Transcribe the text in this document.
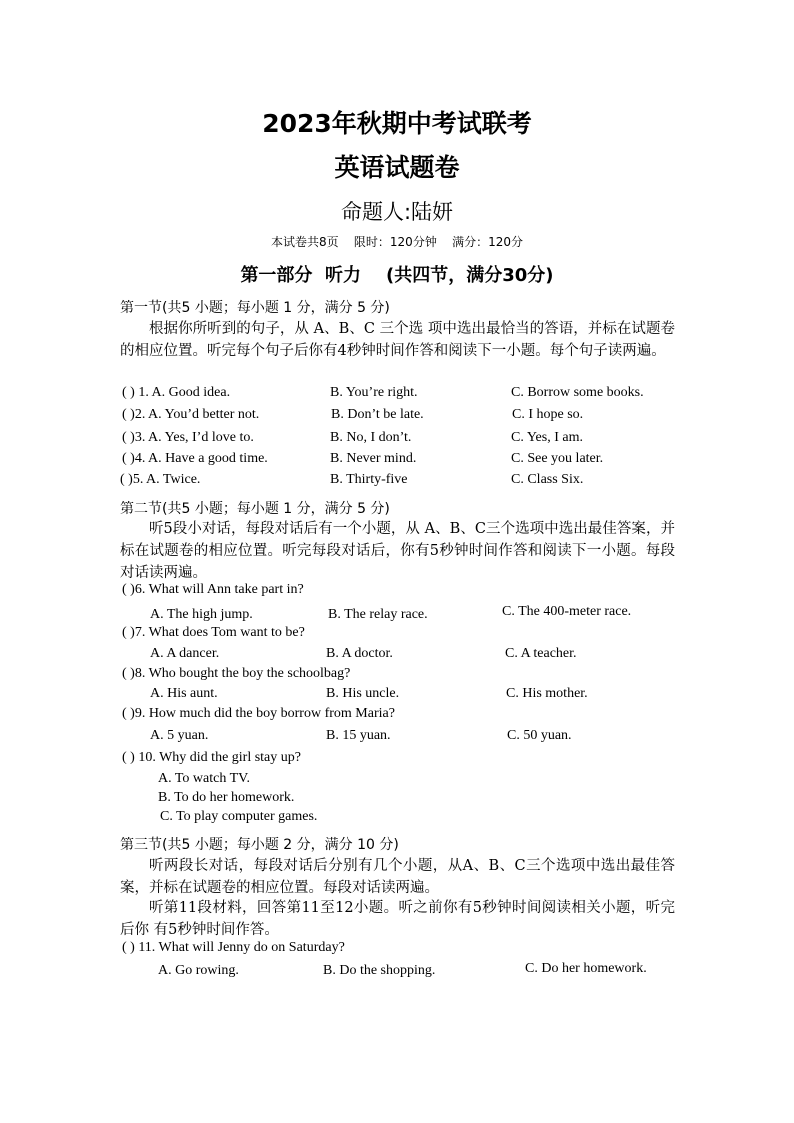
2023年秋期中考试联考
英语试题卷
命题人:陆妍
本试卷共8页    限时：120分钟    满分：120分
第一部分  听力    (共四节，满分30分)
第一节(共5 小题；每小题 1 分，满分 5 分)
根据你所听到的句子，从 A、B、C 三个选 项中选出最恰当的答语，并标在试题卷的相应位置。听完每个句子后你有4秒钟时间作答和阅读下一小题。每个句子读两遍。
( ) 1. A. Good idea.	B. You’re right.	C. Borrow some books.
( )2. A. You’d better not.	B. Don’t be late.	C. I hope so.
( )3. A. Yes, I’d love to.	B. No, I don’t.	C. Yes, I am.
( )4. A. Have a good time.	B. Never mind.	C. See you later.
( )5. A. Twice.	B. Thirty-five	C. Class Six.
第二节(共5 小题；每小题 1 分，满分 5 分)
听5段小对话，每段对话后有一个小题，从 A、B、C三个选项中选出最佳答案，并标在试题卷的相应位置。听完每段对话后，你有5秒钟时间作答和阅读下一小题。每段对话读两遍。
( )6. What will Ann take part in?
A. The high jump.	B. The relay race.	C. The 400-meter race.
( )7. What does Tom want to be?
A. A dancer.	B. A doctor.	C. A teacher.
( )8. Who bought the boy the schoolbag?
A. His aunt.	B. His uncle.	C. His mother.
( )9. How much did the boy borrow from Maria?
A. 5 yuan.	B. 15 yuan.	C. 50 yuan.
( ) 10. Why did the girl stay up?
A. To watch TV.
B. To do her homework.
C. To play computer games.
第三节(共5 小题；每小题 2 分，满分 10 分)
听两段长对话，每段对话后分别有几个小题，从A、B、C三个选项中选出最佳答案，并标在试题卷的相应位置。每段对话读两遍。
听第11段材料，回答第11至12小题。听之前你有5秒钟时间阅读相关小题，听完后你 有5秒钟时间作答。
( ) 11. What will Jenny do on Saturday?
A. Go rowing.	B. Do the shopping.	C. Do her homework.
